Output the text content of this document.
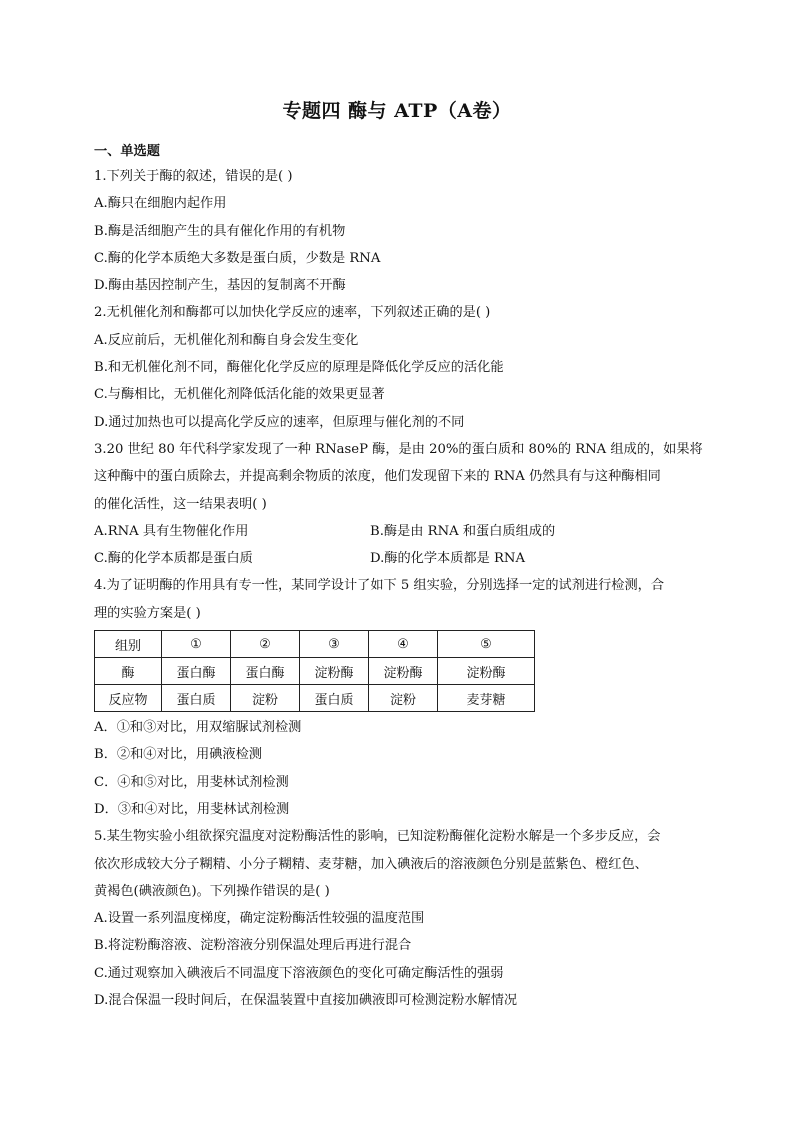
专题四 酶与 ATP（A卷）
一、单选题
1.下列关于酶的叙述，错误的是( )
A.酶只在细胞内起作用
B.酶是活细胞产生的具有催化作用的有机物
C.酶的化学本质绝大多数是蛋白质，少数是 RNA
D.酶由基因控制产生，基因的复制离不开酶
2.无机催化剂和酶都可以加快化学反应的速率，下列叙述正确的是( )
A.反应前后，无机催化剂和酶自身会发生变化
B.和无机催化剂不同，酶催化化学反应的原理是降低化学反应的活化能
C.与酶相比，无机催化剂降低活化能的效果更显著
D.通过加热也可以提高化学反应的速率，但原理与催化剂的不同
3.20 世纪 80 年代科学家发现了一种 RNaseP 酶，是由 20%的蛋白质和 80%的 RNA 组成的，如果将
这种酶中的蛋白质除去，并提高剩余物质的浓度，他们发现留下来的 RNA 仍然具有与这种酶相同
的催化活性，这一结果表明( )
A.RNA 具有生物催化作用	B.酶是由 RNA 和蛋白质组成的
C.酶的化学本质都是蛋白质	D.酶的化学本质都是 RNA
4.为了证明酶的作用具有专一性，某同学设计了如下 5 组实验，分别选择一定的试剂进行检测，合
理的实验方案是( )
组别	①	②	③	④	⑤
酶	蛋白酶	蛋白酶	淀粉酶	淀粉酶	淀粉酶
反应物	蛋白质	淀粉	蛋白质	淀粉	麦芽糖
A．①和③对比，用双缩脲试剂检测
B．②和④对比，用碘液检测
C．④和⑤对比，用斐林试剂检测
D．③和④对比，用斐林试剂检测
5.某生物实验小组欲探究温度对淀粉酶活性的影响，已知淀粉酶催化淀粉水解是一个多步反应，会
依次形成较大分子糊精、小分子糊精、麦芽糖，加入碘液后的溶液颜色分别是蓝紫色、橙红色、
黄褐色(碘液颜色)。下列操作错误的是( )
A.设置一系列温度梯度，确定淀粉酶活性较强的温度范围
B.将淀粉酶溶液、淀粉溶液分别保温处理后再进行混合
C.通过观察加入碘液后不同温度下溶液颜色的变化可确定酶活性的强弱
D.混合保温一段时间后，在保温装置中直接加碘液即可检测淀粉水解情况
